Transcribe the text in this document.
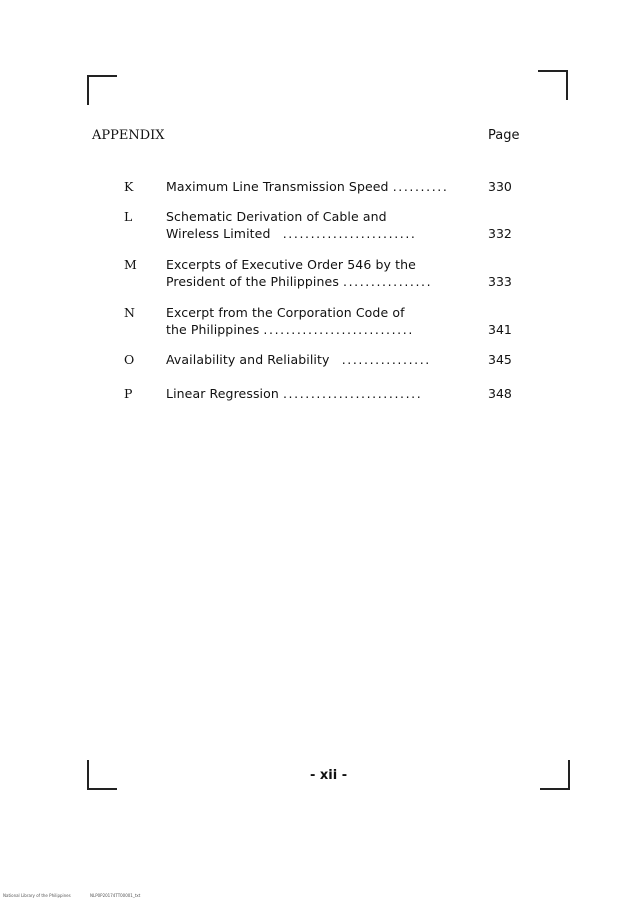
APPENDIX	Page
K	Maximum Line Transmission Speed ..........	330
L	Schematic Derivation of Cable and
Wireless Limited ........................	332
M Excerpts of Executive Order 546 by the
President of the Philippines ................	333
N Excerpt from the Corporation Code of
the Philippines ...........................	341
O	Availability and Reliability ................	345
P	Linear Regression .........................	348
- xii -
National Library of the Philippines	NLP0P20174TT00001_txt
